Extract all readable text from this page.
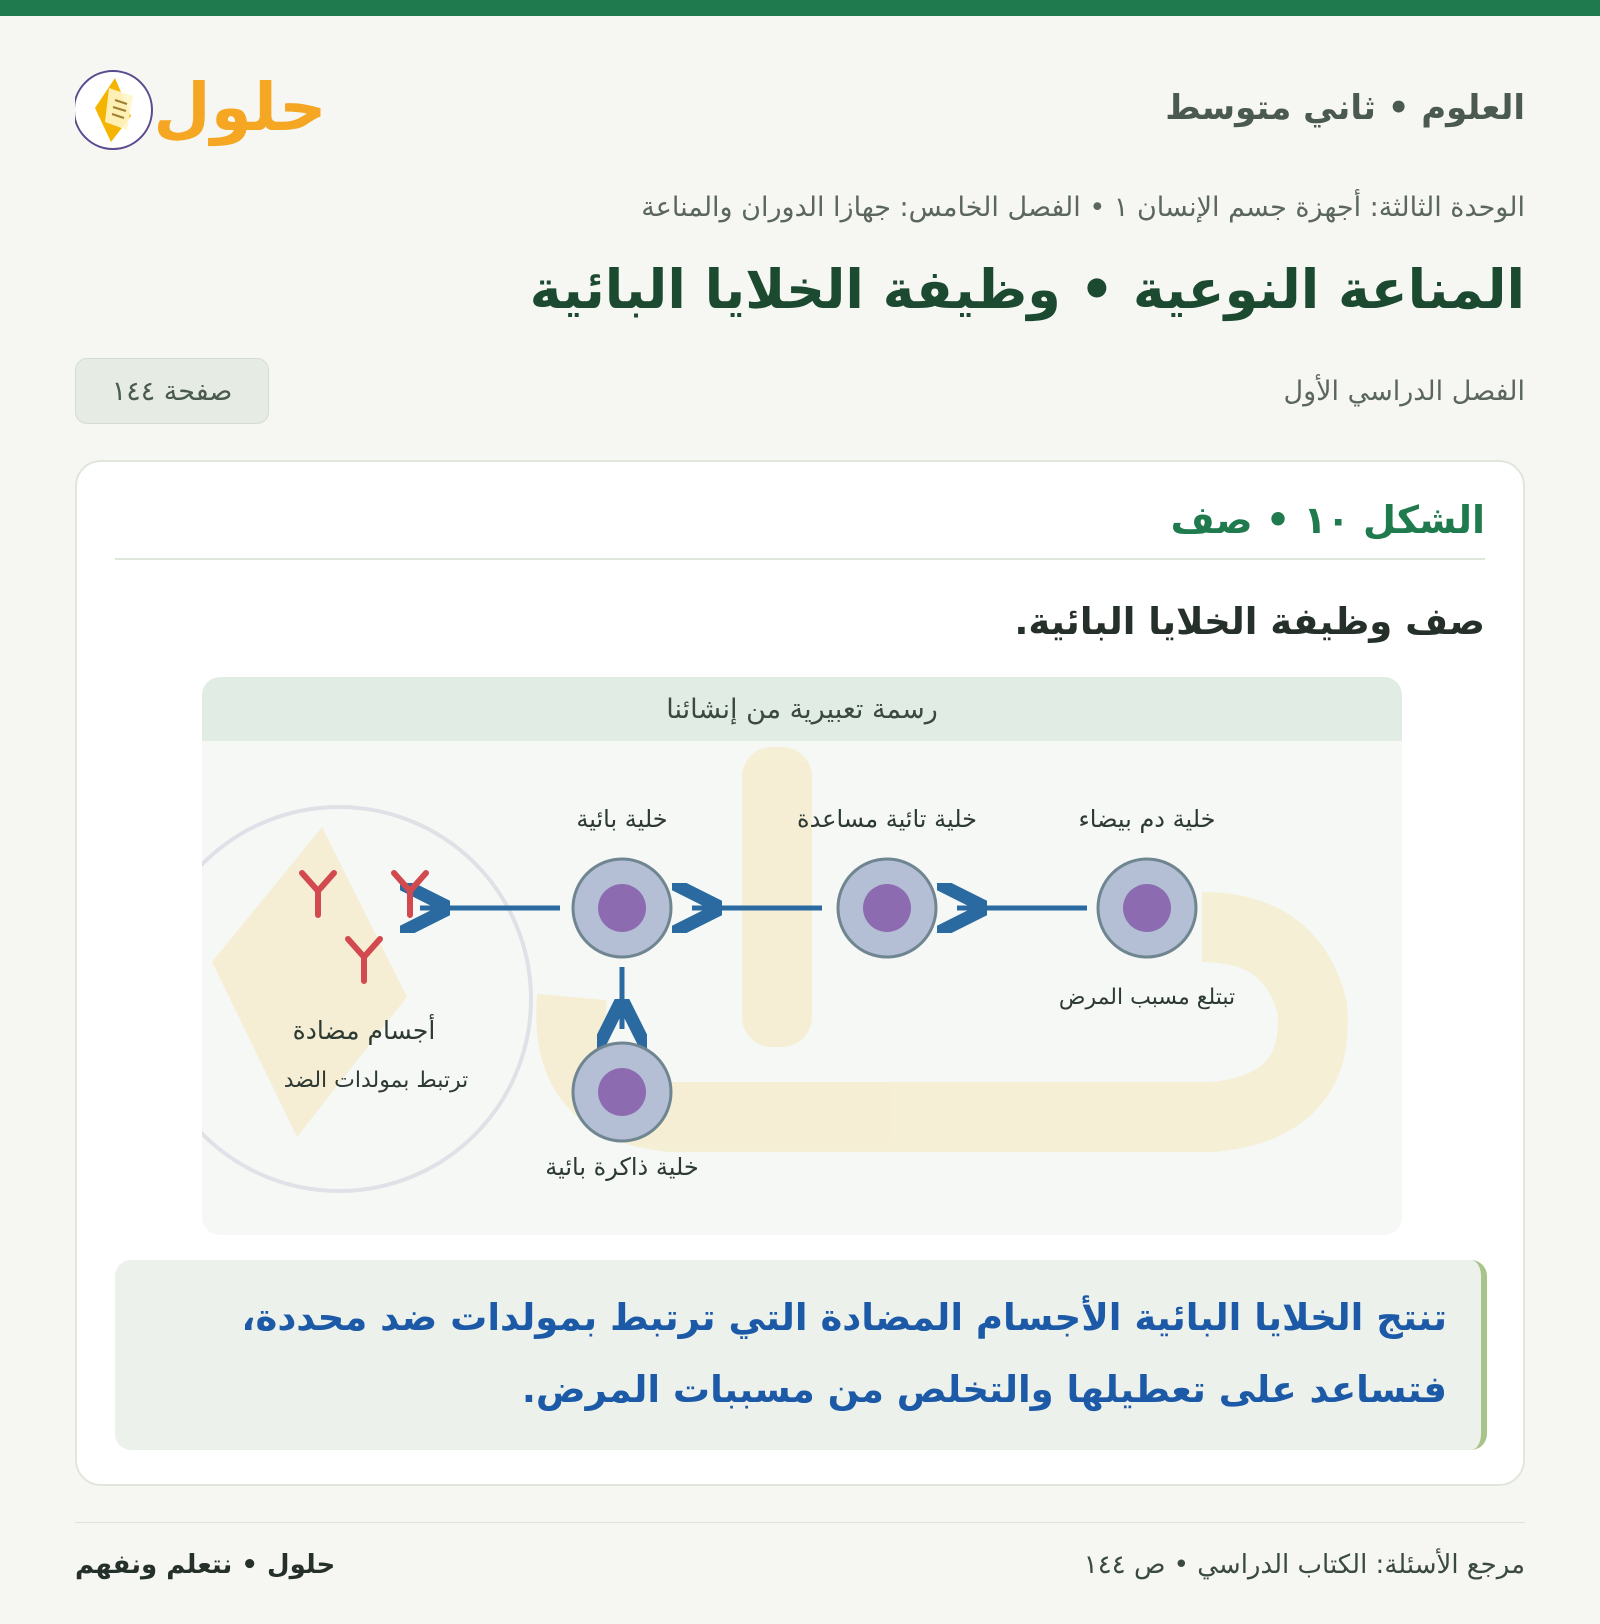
العلوم • ثاني متوسط
حلول
الوحدة الثالثة: أجهزة جسم الإنسان ١ • الفصل الخامس: جهازا الدوران والمناعة
المناعة النوعية • وظيفة الخلايا البائية
الفصل الدراسي الأول
صفحة ١٤٤
الشكل ١٠ • صف
صف وظيفة الخلايا البائية.
خلية دم بيضاء
تبتلع مسبب المرض
خلية تائية مساعدة
خلية بائية
خلية ذاكرة بائية
أجسام مضادة
ترتبط بمولدات الضد
رسمة تعبيرية من إنشائنا
تنتج الخلايا البائية الأجسام المضادة التي ترتبط بمولدات ضد محددة، فتساعد على تعطيلها والتخلص من مسببات المرض.
مرجع الأسئلة: الكتاب الدراسي • ص ١٤٤
حلول • نتعلم ونفهم
